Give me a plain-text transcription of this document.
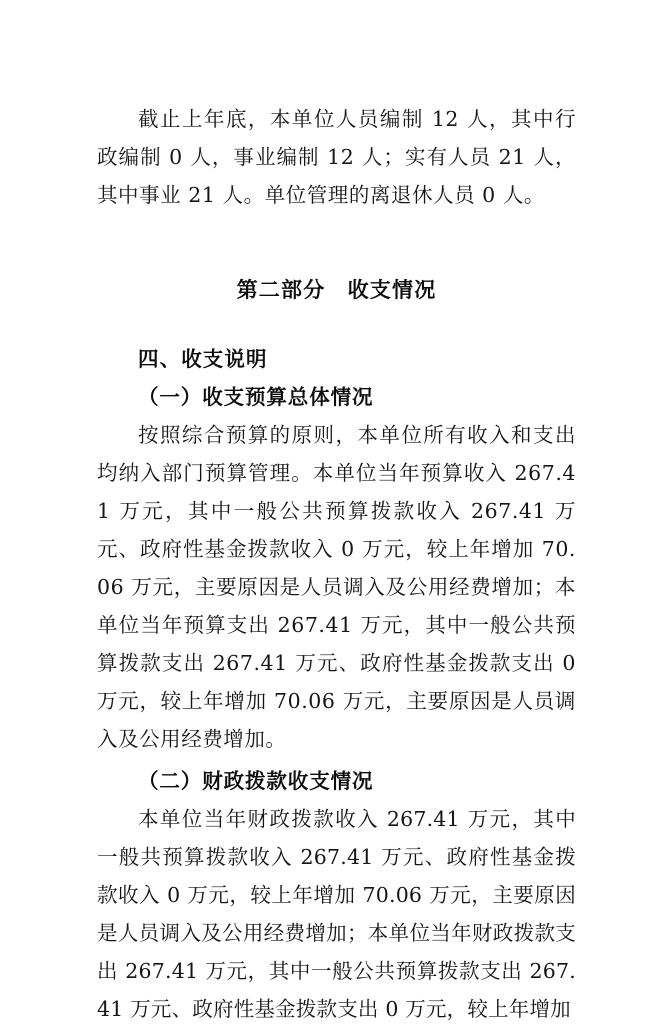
截止上年底，本单位人员编制 12 人，其中行政编制 0 人，事业编制 12 人；实有人员 21 人，其中事业 21 人。单位管理的离退休人员 0 人。

第二部分　收支情况
四、收支说明
（一）收支预算总体情况

按照综合预算的原则，本单位所有收入和支出均纳入部门预算管理。本单位当年预算收入 267.41 万元，其中一般公共预算拨款收入 267.41 万元、政府性基金拨款收入 0 万元，较上年增加 70.06 万元，主要原因是人员调入及公用经费增加；本单位当年预算支出 267.41 万元，其中一般公共预算拨款支出 267.41 万元、政府性基金拨款支出 0 万元，较上年增加 70.06 万元，主要原因是人员调入及公用经费增加。

（二）财政拨款收支情况

本单位当年财政拨款收入 267.41 万元，其中一般共预算拨款收入 267.41 万元、政府性基金拨款收入 0 万元，较上年增加 70.06 万元，主要原因是人员调入及公用经费增加；本单位当年财政拨款支出 267.41 万元，其中一般公共预算拨款支出 267.41 万元、政府性基金拨款支出 0 万元，较上年增加
